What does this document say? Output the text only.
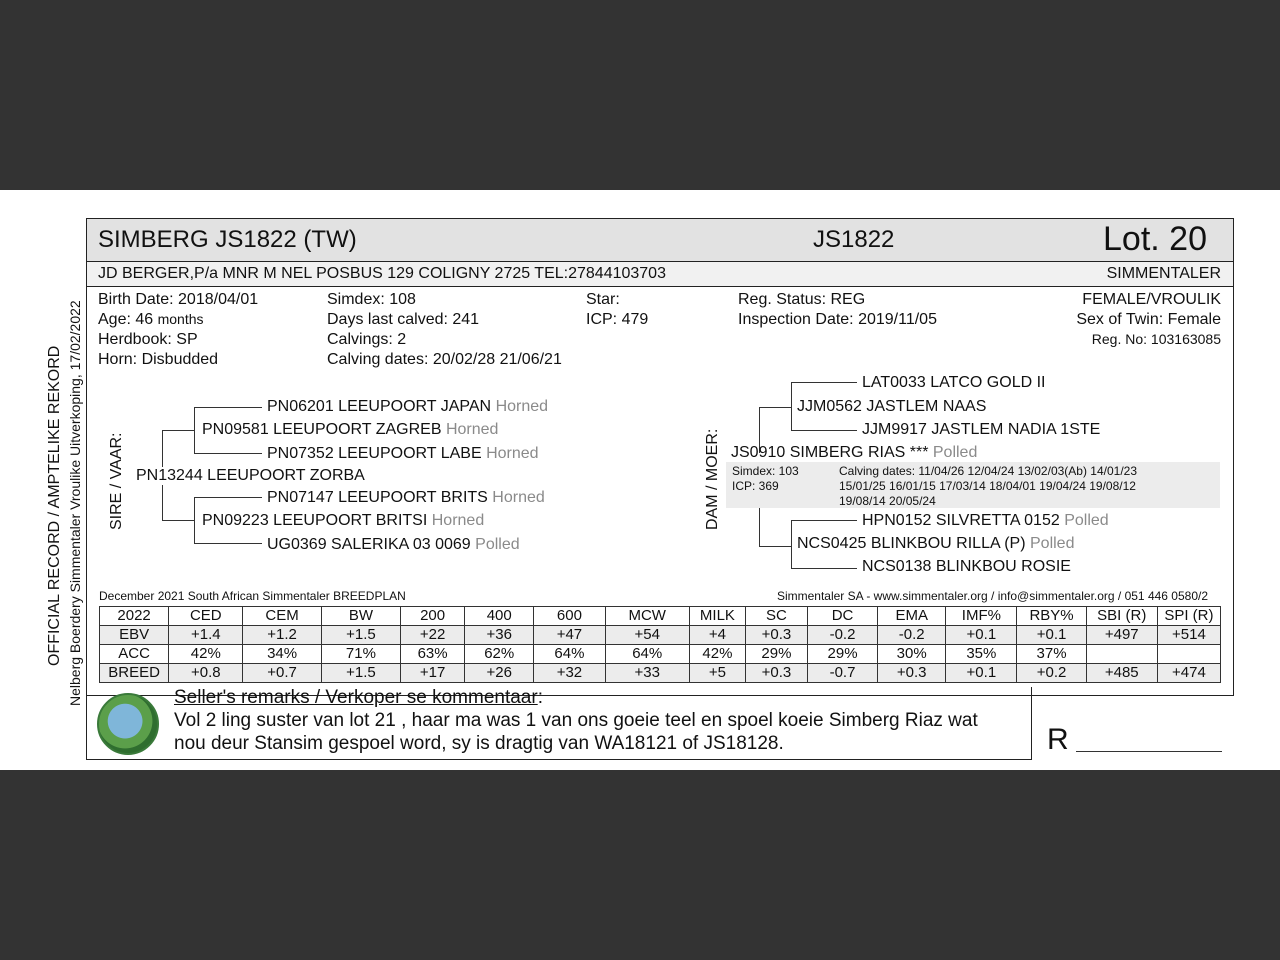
OFFICIAL RECORD / AMPTELIKE REKORD Nelberg Boerdery Simmentaler Vroulike Uitverkoping, 17/02/2022
SIMBERG JS1822 (TW)	JS1822	Lot. 20
JD BERGER,P/a MNR M NEL POSBUS 129 COLIGNY 2725 TEL:27844103703	SIMMENTALER
Birth Date: 2018/04/01
Age: 46 months
Herdbook: SP
Horn: Disbudded
Simdex: 108
Days last calved: 241
Calvings: 2
Calving dates: 20/02/28 21/06/21
Star:
ICP: 479
Reg. Status: REG
Inspection Date: 2019/11/05
FEMALE/VROULIK
Sex of Twin: Female
Reg. No: 103163085
SIRE / VAAR:
PN06201 LEEUPOORT JAPAN Horned
PN09581 LEEUPOORT ZAGREB Horned
PN07352 LEEUPOORT LABE Horned
PN13244 LEEUPOORT ZORBA
PN07147 LEEUPOORT BRITS Horned
PN09223 LEEUPOORT BRITSI Horned
UG0369 SALERIKA 03 0069 Polled
DAM / MOER:
LAT0033 LATCO GOLD II
JJM0562 JASTLEM NAAS
JJM9917 JASTLEM NADIA 1STE
JS0910 SIMBERG RIAS *** Polled
Simdex: 103
ICP: 369
Calving dates: 11/04/26 12/04/24 13/02/03(Ab) 14/01/23
15/01/25 16/01/15 17/03/14 18/04/01 19/04/24 19/08/12
19/08/14 20/05/24
HPN0152 SILVRETTA 0152 Polled
NCS0425 BLINKBOU RILLA (P) Polled
NCS0138 BLINKBOU ROSIE
December 2021 South African Simmentaler BREEDPLAN	Simmentaler SA - www.simmentaler.org / info@simmentaler.org / 051 446 0580/2
2022	CED	CEM	BW	200	400	600	MCW	MILK	SC	DC	EMA	IMF%	RBY%	SBI (R)	SPI (R)
EBV	+1.4	+1.2	+1.5	+22	+36	+47	+54	+4	+0.3	-0.2	-0.2	+0.1	+0.1	+497	+514
ACC	42%	34%	71%	63%	62%	64%	64%	42%	29%	29%	30%	35%	37%		
BREED	+0.8	+0.7	+1.5	+17	+26	+32	+33	+5	+0.3	-0.7	+0.3	+0.1	+0.2	+485	+474
Seller's remarks / Verkoper se kommentaar:
Vol 2 ling suster van lot 21 , haar ma was 1 van ons goeie teel en spoel koeie Simberg Riaz wat
nou deur Stansim gespoel word, sy is dragtig van WA18121 of JS18128.	R
